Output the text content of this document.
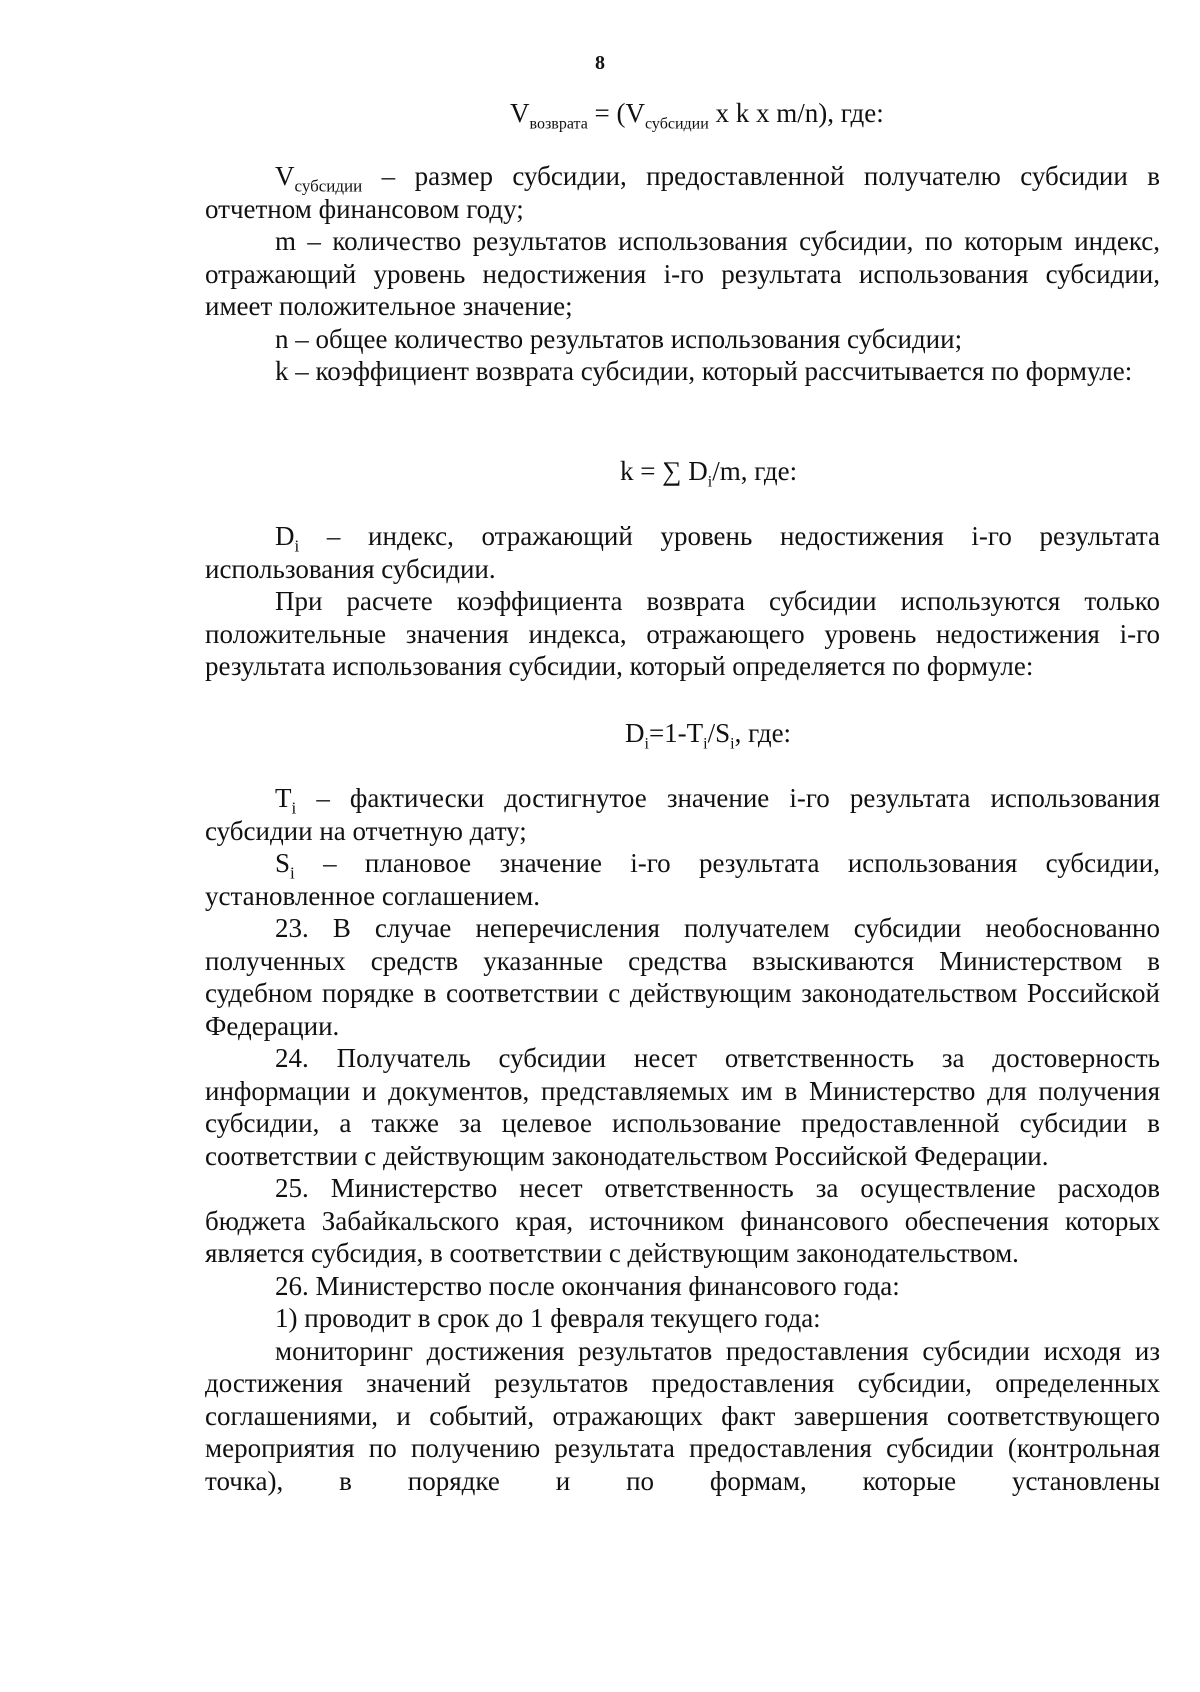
8
$V_{возврата} = (V_{субсидии}$ x k x m/n), где:

$V_{субсидии}$ – размер субсидии, предоставленной получателю субсидии в отчетном финансовом году;

m – количество результатов использования субсидии, по которым индекс, отражающий уровень недостижения i-го результата использования субсидии, имеет положительное значение;

n – общее количество результатов использования субсидии;

k – коэффициент возврата субсидии, который рассчитывается по формуле:

k = ∑ $D_i/m$, где:

$D_i$ – индекс, отражающий уровень недостижения i-го результата использования субсидии.

При расчете коэффициента возврата субсидии используются только положительные значения индекса, отражающего уровень недостижения i-го результата использования субсидии, который определяется по формуле:

$D_i=1-T_i/S_i$, где:

$T_i$ – фактически достигнутое значение i-го результата использования субсидии на отчетную дату;

$S_i$ – плановое значение i-го результата использования субсидии, установленное соглашением.

23. В случае неперечисления получателем субсидии необоснованно полученных средств указанные средства взыскиваются Министерством в судебном порядке в соответствии с действующим законодательством Российской Федерации.

24. Получатель субсидии несет ответственность за достоверность информации и документов, представляемых им в Министерство для получения субсидии, а также за целевое использование предоставленной субсидии в соответствии с действующим законодательством Российской Федерации.

25. Министерство несет ответственность за осуществление расходов бюджета Забайкальского края, источником финансового обеспечения которых является субсидия, в соответствии с действующим законодательством.

26. Министерство после окончания финансового года:

1) проводит в срок до 1 февраля текущего года:

мониторинг достижения результатов предоставления субсидии исходя из достижения значений результатов предоставления субсидии, определенных соглашениями, и событий, отражающих факт завершения соответствующего мероприятия по получению результата предоставления субсидии (контрольная точка), в порядке и по формам, которые установлены
